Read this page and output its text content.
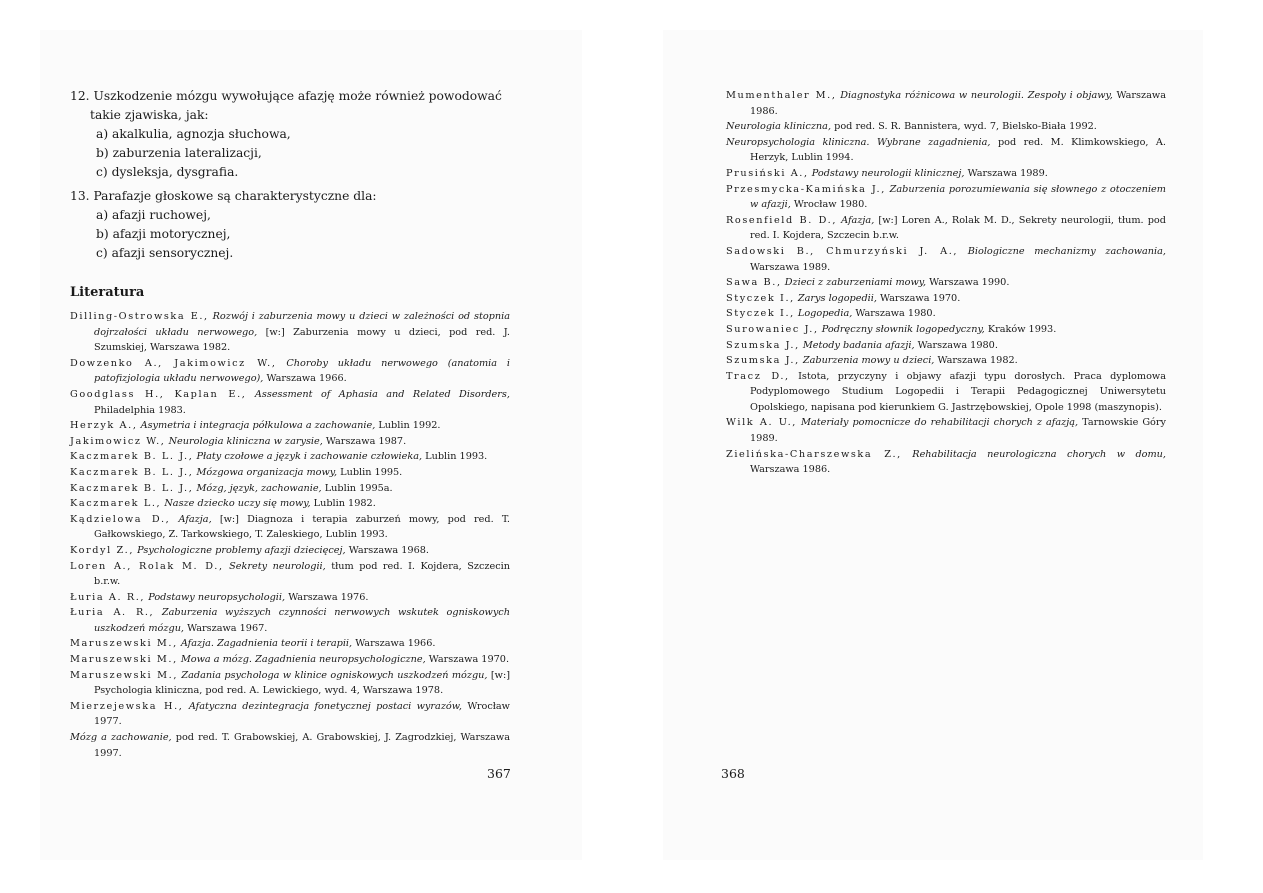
12. Uszkodzenie mózgu wywołujące afazję może również powodować takie zjawiska, jak:
a) akalkulia, agnozja słuchowa,
b) zaburzenia lateralizacji,
c) dysleksja, dysgrafia.
13. Parafazje głoskowe są charakterystyczne dla:
a) afazji ruchowej,
b) afazji motorycznej,
c) afazji sensorycznej.
Literatura
Dilling-Ostrowska E., Rozwój i zaburzenia mowy u dzieci w zależności od stopnia dojrzałości układu nerwowego, [w:] Zaburzenia mowy u dzieci, pod red. J. Szumskiej, Warszawa 1982.
Dowzenko A., Jakimowicz W., Choroby układu nerwowego (anatomia i patofizjologia układu nerwowego), Warszawa 1966.
Goodglass H., Kaplan E., Assessment of Aphasia and Related Disorders, Philadelphia 1983.
Herzyk A., Asymetria i integracja półkulowa a zachowanie, Lublin 1992.
Jakimowicz W., Neurologia kliniczna w zarysie, Warszawa 1987.
Kaczmarek B. L. J., Płaty czołowe a język i zachowanie człowieka, Lublin 1993.
Kaczmarek B. L. J., Mózgowa organizacja mowy, Lublin 1995.
Kaczmarek B. L. J., Mózg, język, zachowanie, Lublin 1995a.
Kaczmarek L., Nasze dziecko uczy się mowy, Lublin 1982.
Kądzielowa D., Afazja, [w:] Diagnoza i terapia zaburzeń mowy, pod red. T. Gałkowskiego, Z. Tarkowskiego, T. Zaleskiego, Lublin 1993.
Kordyl Z., Psychologiczne problemy afazji dziecięcej, Warszawa 1968.
Loren A., Rolak M. D., Sekrety neurologii, tłum pod red. I. Kojdera, Szczecin b.r.w.
Łuria A. R., Podstawy neuropsychologii, Warszawa 1976.
Łuria A. R., Zaburzenia wyższych czynności nerwowych wskutek ogniskowych uszkodzeń mózgu, Warszawa 1967.
Maruszewski M., Afazja. Zagadnienia teorii i terapii, Warszawa 1966.
Maruszewski M., Mowa a mózg. Zagadnienia neuropsychologiczne, Warszawa 1970.
Maruszewski M., Zadania psychologa w klinice ogniskowych uszkodzeń mózgu, [w:] Psychologia kliniczna, pod red. A. Lewickiego, wyd. 4, Warszawa 1978.
Mierzejewska H., Afatyczna dezintegracja fonetycznej postaci wyrazów, Wrocław 1977.
Mózg a zachowanie, pod red. T. Grabowskiej, A. Grabowskiej, J. Zagrodzkiej, Warszawa 1997.
367
Mumenthaler M., Diagnostyka różnicowa w neurologii. Zespoły i objawy, Warszawa 1986.
Neurologia kliniczna, pod red. S. R. Bannistera, wyd. 7, Bielsko-Biała 1992.
Neuropsychologia kliniczna. Wybrane zagadnienia, pod red. M. Klimkowskiego, A. Herzyk, Lublin 1994.
Prusiński A., Podstawy neurologii klinicznej, Warszawa 1989.
Przesmycka-Kamińska J., Zaburzenia porozumiewania się słownego z otoczeniem w afazji, Wrocław 1980.
Rosenfield B. D., Afazja, [w:] Loren A., Rolak M. D., Sekrety neurologii, tłum. pod red. I. Kojdera, Szczecin b.r.w.
Sadowski B., Chmurzyński J. A., Biologiczne mechanizmy zachowania, Warszawa 1989.
Sawa B., Dzieci z zaburzeniami mowy, Warszawa 1990.
Styczek I., Zarys logopedii, Warszawa 1970.
Styczek I., Logopedia, Warszawa 1980.
Surowaniec J., Podręczny słownik logopedyczny, Kraków 1993.
Szumska J., Metody badania afazji, Warszawa 1980.
Szumska J., Zaburzenia mowy u dzieci, Warszawa 1982.
Tracz D., Istota, przyczyny i objawy afazji typu dorosłych. Praca dyplomowa Podyplomowego Studium Logopedii i Terapii Pedagogicznej Uniwersytetu Opolskiego, napisana pod kierunkiem G. Jastrzębowskiej, Opole 1998 (maszynopis).
Wilk A. U., Materiały pomocnicze do rehabilitacji chorych z afazją, Tarnowskie Góry 1989.
Zielińska-Charszewska Z., Rehabilitacja neurologiczna chorych w domu, Warszawa 1986.
368
